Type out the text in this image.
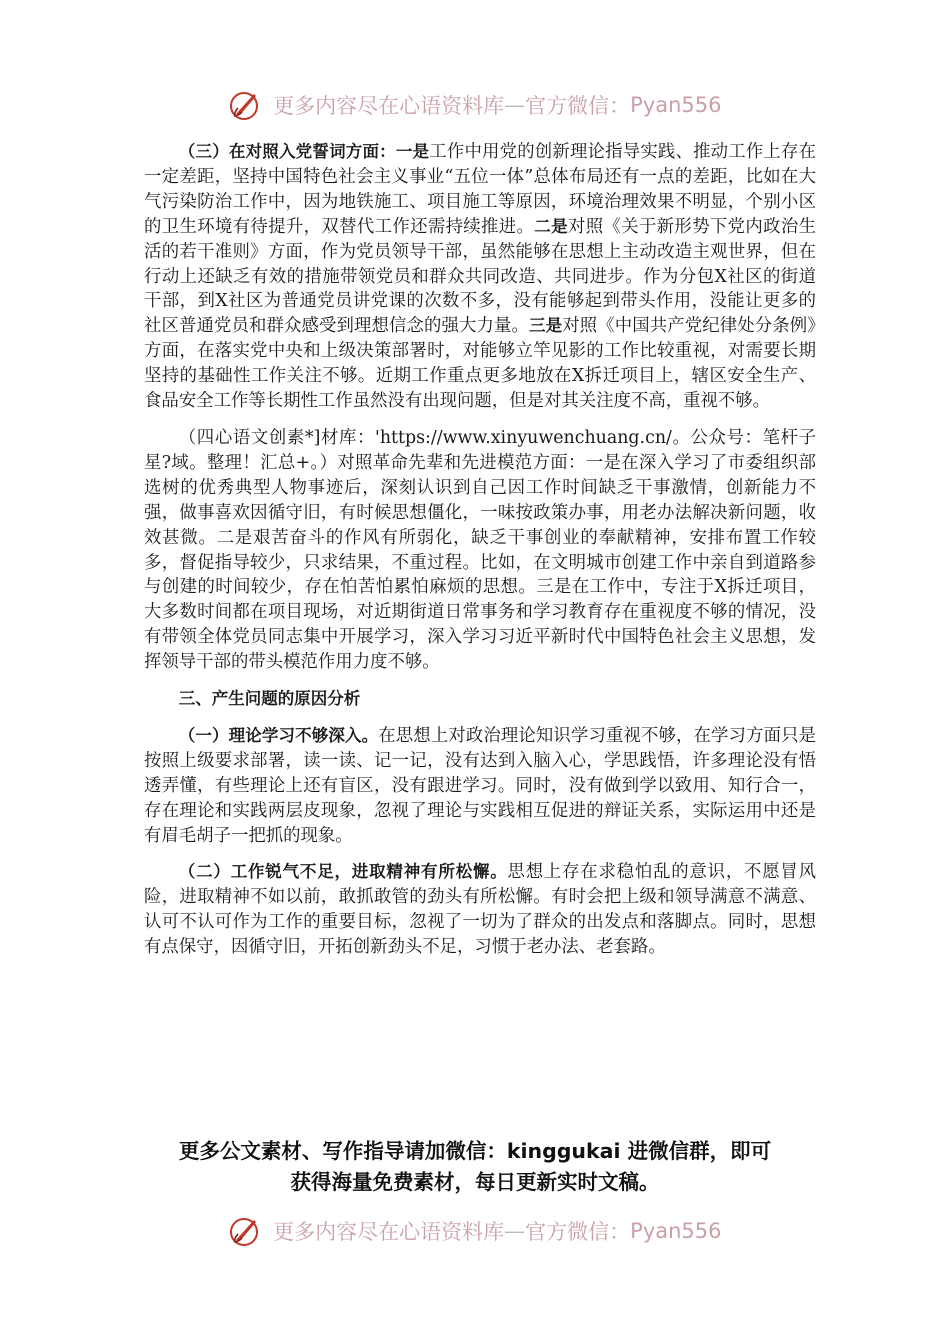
更多内容尽在心语资料库—官方微信：Pyan556

（三）在对照入党誓词方面：一是工作中用党的创新理论指导实践、推动工作上存在一定差距，坚持中国特色社会主义事业“五位一体”总体布局还有一点的差距，比如在大气污染防治工作中，因为地铁施工、项目施工等原因，环境治理效果不明显，个别小区的卫生环境有待提升，双替代工作还需持续推进。二是对照《关于新形势下党内政治生活的若干准则》方面，作为党员领导干部，虽然能够在思想上主动改造主观世界，但在行动上还缺乏有效的措施带领党员和群众共同改造、共同进步。作为分包X社区的街道干部，到X社区为普通党员讲党课的次数不多，没有能够起到带头作用，没能让更多的社区普通党员和群众感受到理想信念的强大力量。三是对照《中国共产党纪律处分条例》方面，在落实党中央和上级决策部署时，对能够立竿见影的工作比较重视，对需要长期坚持的基础性工作关注不够。近期工作重点更多地放在X拆迁项目上，辖区安全生产、食品安全工作等长期性工作虽然没有出现问题，但是对其关注度不高，重视不够。

（四心语文创素*]材库：'https://www.xinyuwenchuang.cn/。公众号：笔杆子星?域。整理！汇总+。）对照革命先辈和先进模范方面：一是在深入学习了市委组织部选树的优秀典型人物事迹后，深刻认识到自己因工作时间缺乏干事激情，创新能力不强，做事喜欢因循守旧，有时候思想僵化，一味按政策办事，用老办法解决新问题，收效甚微。二是艰苦奋斗的作风有所弱化，缺乏干事创业的奉献精神，安排布置工作较多，督促指导较少，只求结果，不重过程。比如，在文明城市创建工作中亲自到道路参与创建的时间较少，存在怕苦怕累怕麻烦的思想。三是在工作中，专注于X拆迁项目，大多数时间都在项目现场，对近期街道日常事务和学习教育存在重视度不够的情况，没有带领全体党员同志集中开展学习，深入学习习近平新时代中国特色社会主义思想，发挥领导干部的带头模范作用力度不够。

三、产生问题的原因分析

（一）理论学习不够深入。在思想上对政治理论知识学习重视不够，在学习方面只是按照上级要求部署，读一读、记一记，没有达到入脑入心，学思践悟，许多理论没有悟透弄懂，有些理论上还有盲区，没有跟进学习。同时，没有做到学以致用、知行合一，存在理论和实践两层皮现象，忽视了理论与实践相互促进的辩证关系，实际运用中还是有眉毛胡子一把抓的现象。

（二）工作锐气不足，进取精神有所松懈。思想上存在求稳怕乱的意识，不愿冒风险，进取精神不如以前，敢抓敢管的劲头有所松懈。有时会把上级和领导满意不满意、认可不认可作为工作的重要目标，忽视了一切为了群众的出发点和落脚点。同时，思想有点保守，因循守旧，开拓创新劲头不足，习惯于老办法、老套路。

更多公文素材、写作指导请加微信：kinggukai 进微信群，即可
获得海量免费素材，每日更新实时文稿。
更多内容尽在心语资料库—官方微信：Pyan556
